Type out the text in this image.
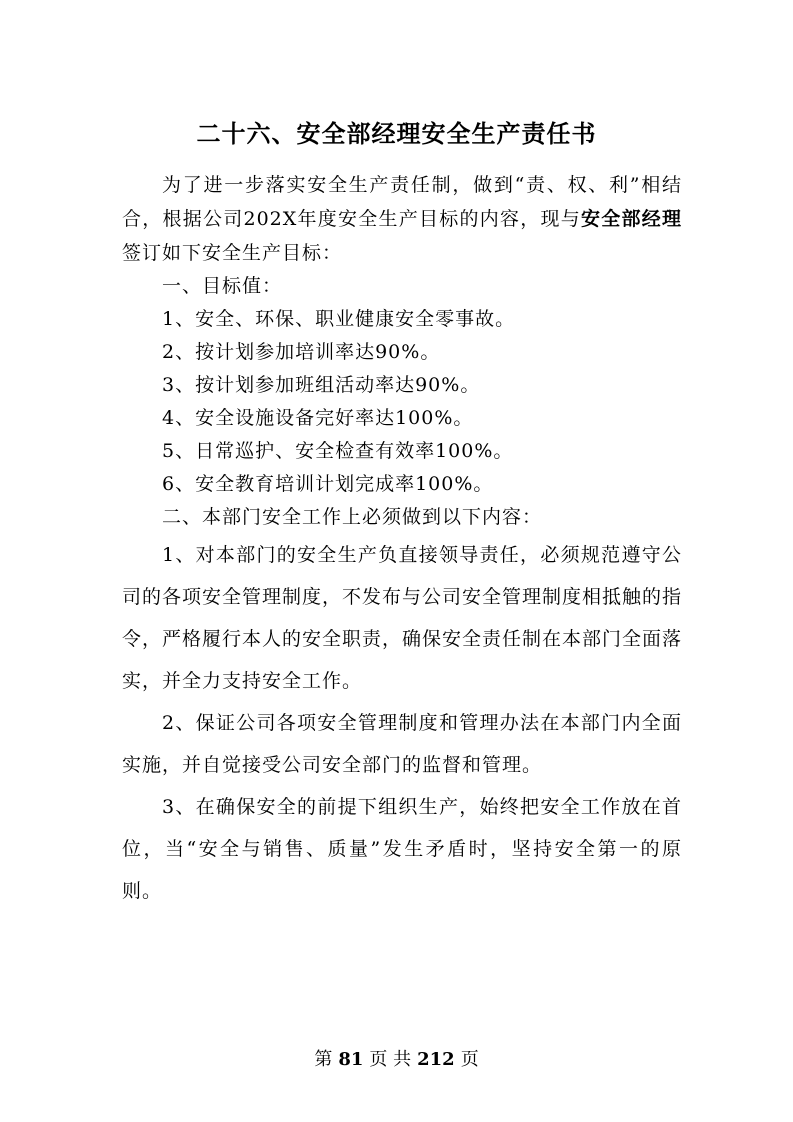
二十六、安全部经理安全生产责任书

为了进一步落实安全生产责任制，做到“责、权、利”相结合，根据公司202X年度安全生产目标的内容，现与安全部经理签订如下安全生产目标：

一、目标值：

1、安全、环保、职业健康安全零事故。

2、按计划参加培训率达90%。

3、按计划参加班组活动率达90%。

4、安全设施设备完好率达100%。

5、日常巡护、安全检查有效率100%。

6、安全教育培训计划完成率100%。

二、本部门安全工作上必须做到以下内容：

1、对本部门的安全生产负直接领导责任，必须规范遵守公司的各项安全管理制度，不发布与公司安全管理制度相抵触的指令，严格履行本人的安全职责，确保安全责任制在本部门全面落实，并全力支持安全工作。

2、保证公司各项安全管理制度和管理办法在本部门内全面实施，并自觉接受公司安全部门的监督和管理。

3、在确保安全的前提下组织生产，始终把安全工作放在首位，当“安全与销售、质量”发生矛盾时，坚持安全第一的原则。

第 81 页 共 212 页
